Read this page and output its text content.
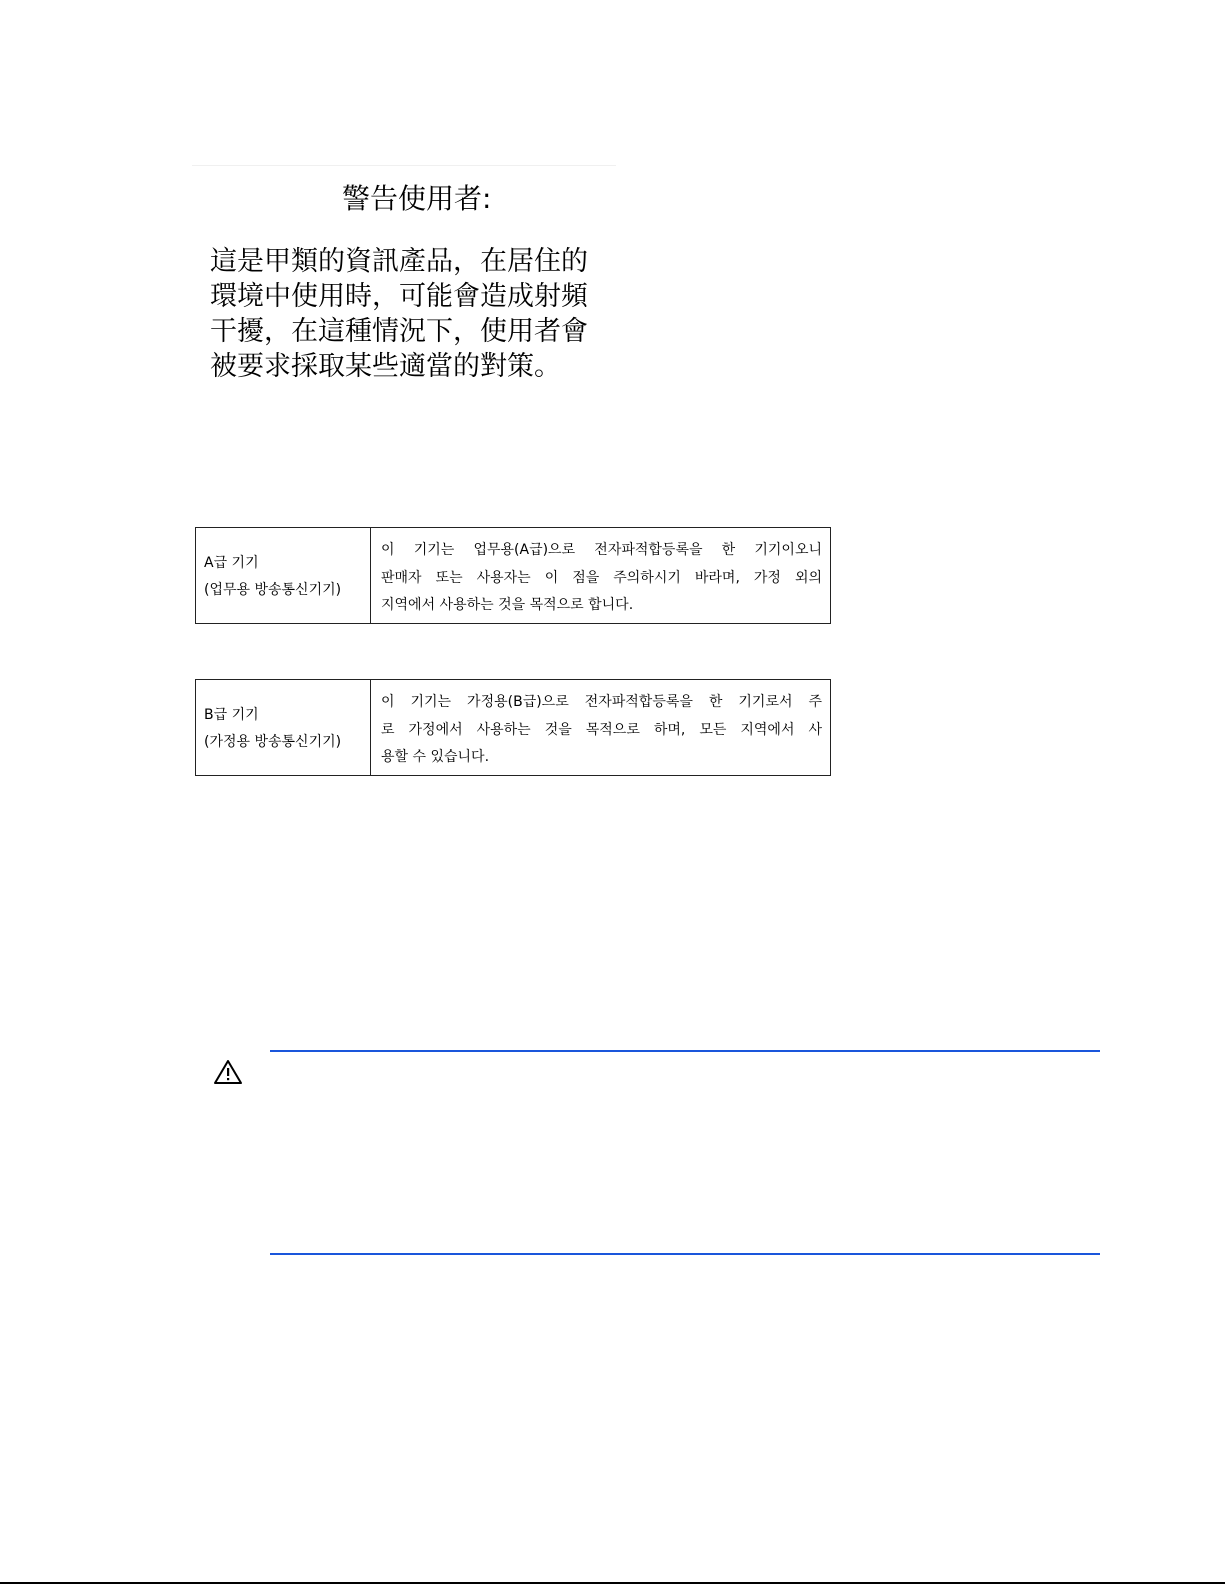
警告使用者:
這是甲類的資訊產品，在居住的
環境中使用時，可能會造成射頻
干擾，在這種情況下，使用者會
被要求採取某些適當的對策。
A급 기기
(업무용 방송통신기기)
이 기기는 업무용(A급)으로 전자파적합등록을 한 기기이오니
판매자 또는 사용자는 이 점을 주의하시기 바라며, 가정 외의
지역에서 사용하는 것을 목적으로 합니다.
B급 기기
(가정용 방송통신기기)
이 기기는 가정용(B급)으로 전자파적합등록을 한 기기로서 주
로 가정에서 사용하는 것을 목적으로 하며, 모든 지역에서 사
용할 수 있습니다.
